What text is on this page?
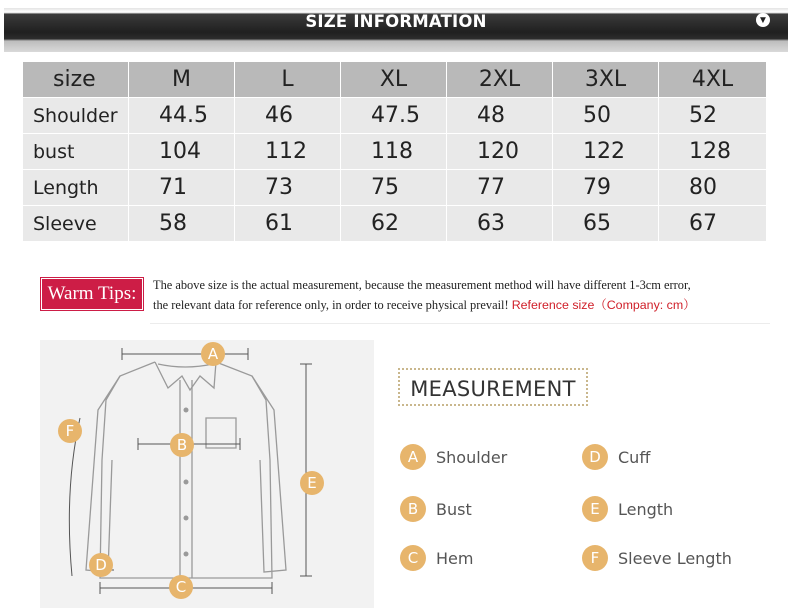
SIZE INFORMATION	▼
size	M	L	XL	2XL	3XL	4XL
Shoulder	44.5	46	47.5	48	50	52
bust	104	112	118	120	122	128
Length	71	73	75	77	79	80
Sleeve	58	61	62	63	65	67
Warm Tips:	The above size is the actual measurement, because the measurement method will have different 1-3cm error,
the relevant data for reference only, in order to receive physical prevail! Reference size（Company: cm）
A
B
C
D
E
F
MEASUREMENT
A	Shoulder
B	Bust
C	Hem
D	Cuff
E	Length
F	Sleeve Length
